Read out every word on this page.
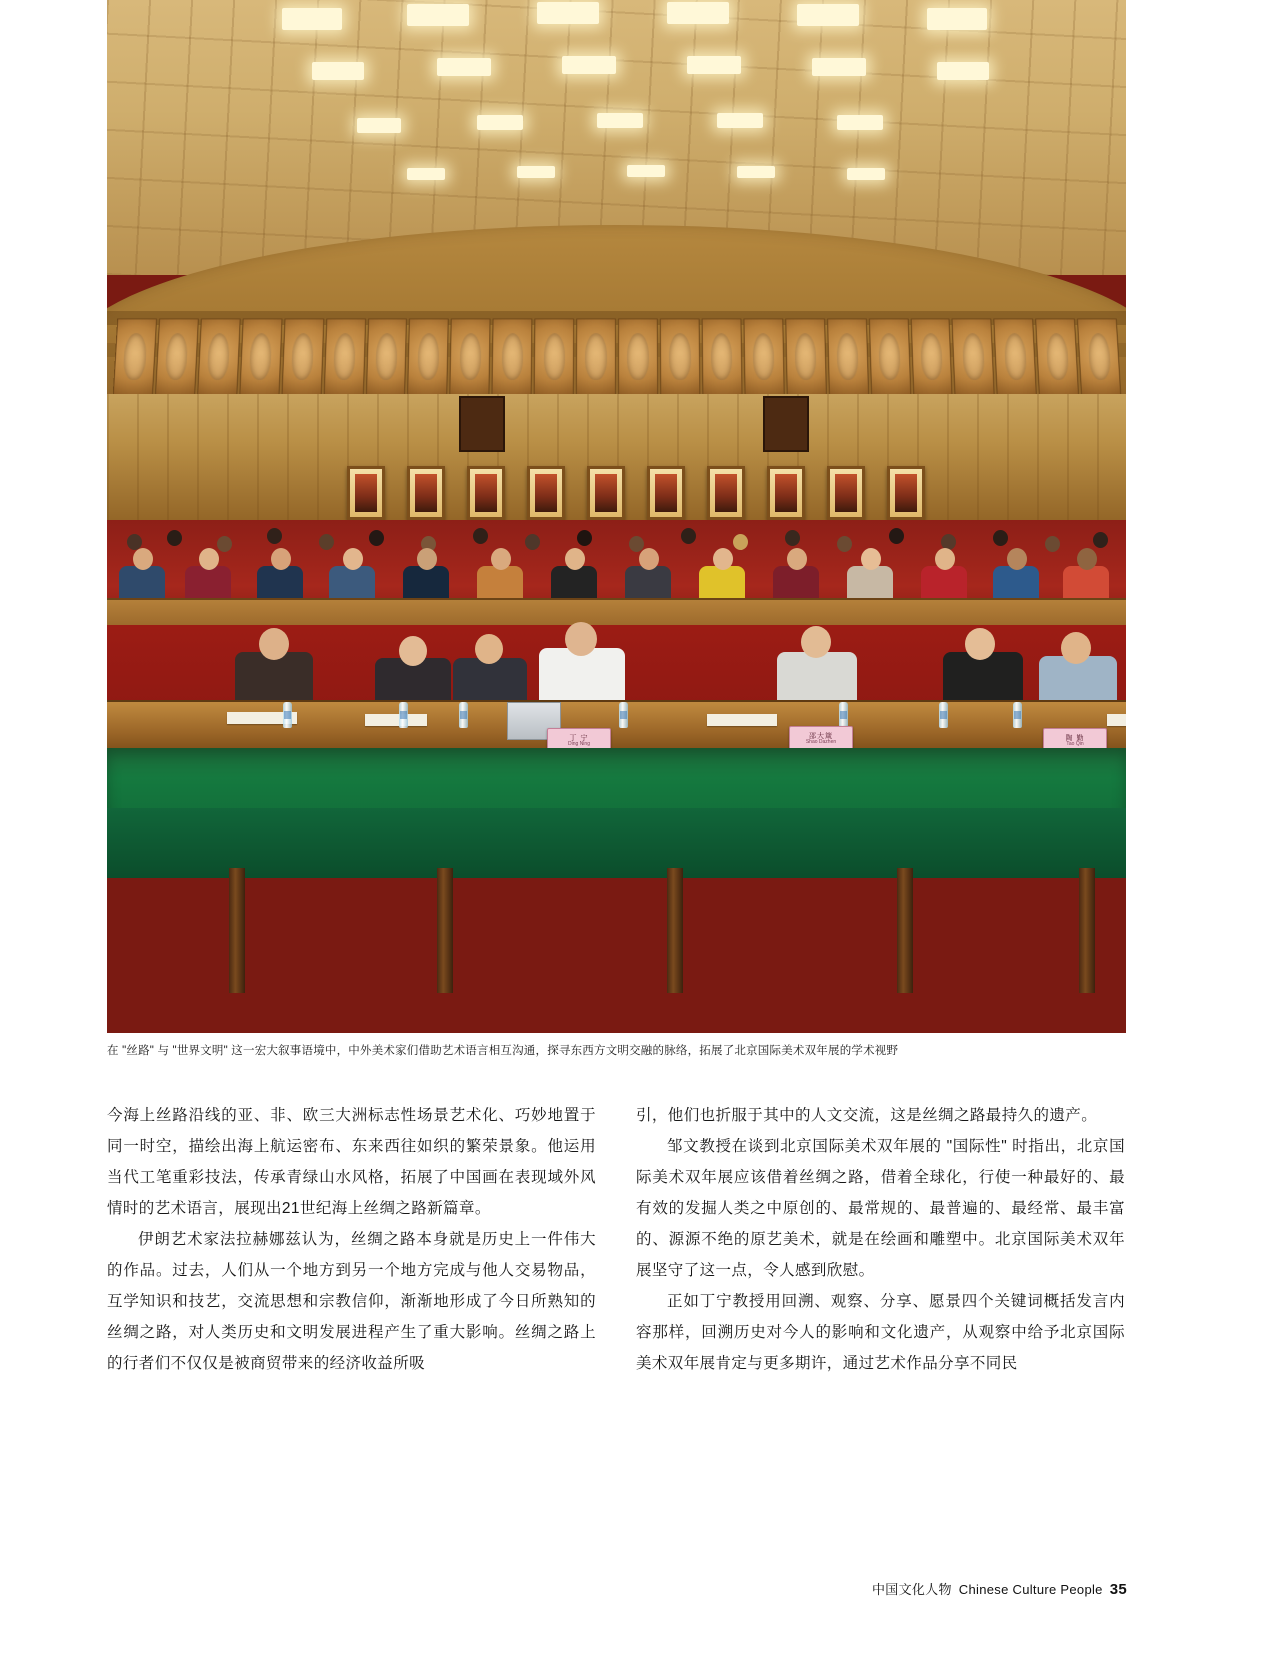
丁 宁
Ding Ning
邵大箴
Shao Dazhen
陶 勤
Tao Qin
在 "丝路" 与 "世界文明" 这一宏大叙事语境中，中外美术家们借助艺术语言相互沟通，探寻东西方文明交融的脉络，拓展了北京国际美术双年展的学术视野

今海上丝路沿线的亚、非、欧三大洲标志性场景艺术化、巧妙地置于同一时空，描绘出海上航运密布、东来西往如织的繁荣景象。他运用当代工笔重彩技法，传承青绿山水风格，拓展了中国画在表现域外风情时的艺术语言，展现出21世纪海上丝绸之路新篇章。

伊朗艺术家法拉赫娜兹认为，丝绸之路本身就是历史上一件伟大的作品。过去，人们从一个地方到另一个地方完成与他人交易物品，互学知识和技艺，交流思想和宗教信仰，渐渐地形成了今日所熟知的丝绸之路，对人类历史和文明发展进程产生了重大影响。丝绸之路上的行者们不仅仅是被商贸带来的经济收益所吸

引，他们也折服于其中的人文交流，这是丝绸之路最持久的遗产。

邹文教授在谈到北京国际美术双年展的 "国际性" 时指出，北京国际美术双年展应该借着丝绸之路，借着全球化，行使一种最好的、最有效的发掘人类之中原创的、最常规的、最普遍的、最经常、最丰富的、源源不绝的原艺美术，就是在绘画和雕塑中。北京国际美术双年展坚守了这一点，令人感到欣慰。

正如丁宁教授用回溯、观察、分享、愿景四个关键词概括发言内容那样，回溯历史对今人的影响和文化遗产，从观察中给予北京国际美术双年展肯定与更多期许，通过艺术作品分享不同民

中国文化人物 Chinese Culture People 35
